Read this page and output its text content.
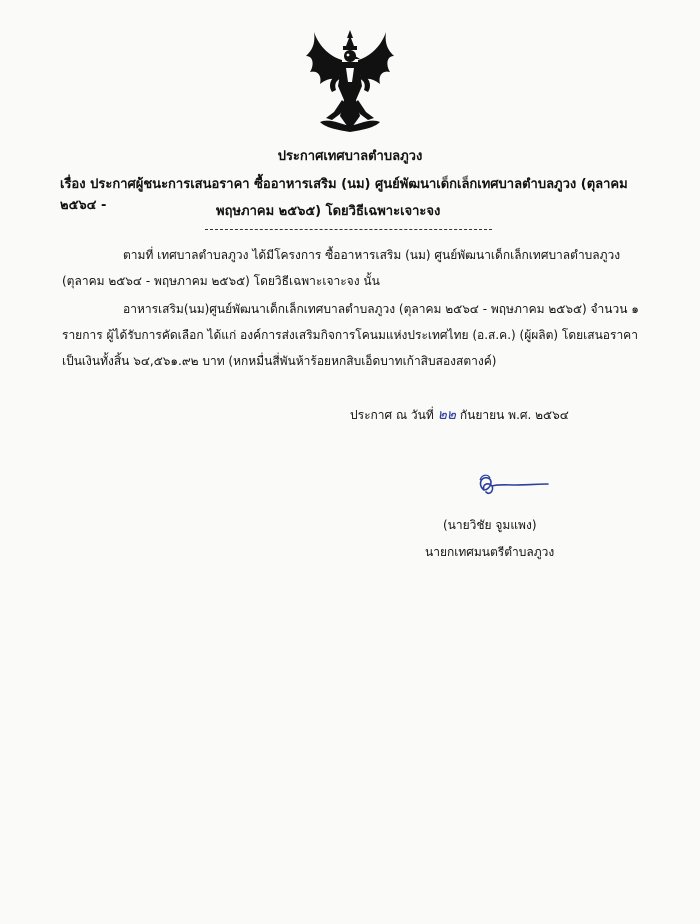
ประกาศเทศบาลตำบลภูวง
เรื่อง ประกาศผู้ชนะการเสนอราคา ซื้ออาหารเสริม (นม) ศูนย์พัฒนาเด็กเล็กเทศบาลตำบลภูวง (ตุลาคม ๒๕๖๔ -	พฤษภาคม ๒๕๖๕) โดยวิธีเฉพาะเจาะจง
ตามที่ เทศบาลตำบลภูวง ได้มีโครงการ ซื้ออาหารเสริม (นม) ศูนย์พัฒนาเด็กเล็กเทศบาลตำบลภูวง
(ตุลาคม ๒๕๖๔ - พฤษภาคม ๒๕๖๕) โดยวิธีเฉพาะเจาะจง นั้น
อาหารเสริม(นม)ศูนย์พัฒนาเด็กเล็กเทศบาลตำบลภูวง (ตุลาคม ๒๕๖๔ - พฤษภาคม ๒๕๖๕) จำนวน ๑
รายการ ผู้ได้รับการคัดเลือก ได้แก่ องค์การส่งเสริมกิจการโคนมแห่งประเทศไทย (อ.ส.ค.) (ผู้ผลิต) โดยเสนอราคา
เป็นเงินทั้งสิ้น ๖๔,๕๖๑.๙๒ บาท (หกหมื่นสี่พันห้าร้อยหกสิบเอ็ดบาทเก้าสิบสองสตางค์)
ประกาศ ณ วันที่ ๒๒ กันยายน พ.ศ. ๒๕๖๔
(นายวิชัย จูมแพง)
นายกเทศมนตรีตำบลภูวง
